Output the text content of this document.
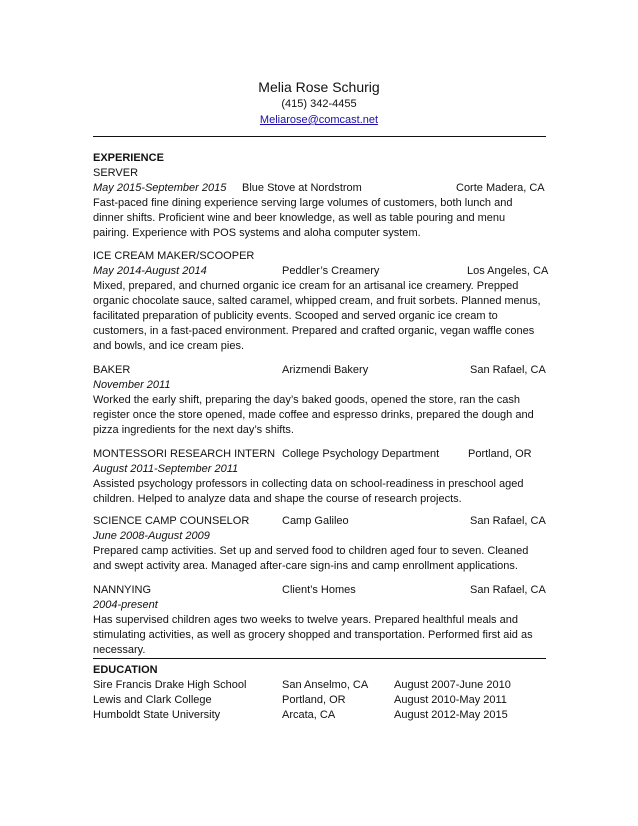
Melia Rose Schurig
(415) 342-4455
Meliarose@comcast.net
EXPERIENCE
SERVER
May 2015-September 2015 Blue Stove at Nordstrom	Corte Madera, CA
Fast-paced fine dining experience serving large volumes of customers, both lunch and
dinner shifts. Proficient wine and beer knowledge, as well as table pouring and menu
pairing. Experience with POS systems and aloha computer system.
ICE CREAM MAKER/SCOOPER
May 2014-August 2014	Peddler’s Creamery	Los Angeles, CA
Mixed, prepared, and churned organic ice cream for an artisanal ice creamery. Prepped
organic chocolate sauce, salted caramel, whipped cream, and fruit sorbets. Planned menus,
facilitated preparation of publicity events. Scooped and served organic ice cream to
customers, in a fast-paced environment. Prepared and crafted organic, vegan waffle cones
and bowls, and ice cream pies.
BAKER	Arizmendi Bakery	San Rafael, CA
November 2011
Worked the early shift, preparing the day’s baked goods, opened the store, ran the cash
register once the store opened, made coffee and espresso drinks, prepared the dough and
pizza ingredients for the next day’s shifts.
MONTESSORI RESEARCH INTERN College Psychology Department	Portland, OR
August 2011-September 2011
Assisted psychology professors in collecting data on school-readiness in preschool aged
children. Helped to analyze data and shape the course of research projects.
SCIENCE CAMP COUNSELOR	Camp Galileo	San Rafael, CA
June 2008-August 2009
Prepared camp activities. Set up and served food to children aged four to seven. Cleaned
and swept activity area. Managed after-care sign-ins and camp enrollment applications.
NANNYING	Client’s Homes	San Rafael, CA
2004-present
Has supervised children ages two weeks to twelve years. Prepared healthful meals and
stimulating activities, as well as grocery shopped and transportation. Performed first aid as
necessary.
EDUCATION
Sire Francis Drake High School	San Anselmo, CA August 2007-June 2010
Lewis and Clark College	Portland, OR	August 2010-May 2011
Humboldt State University	Arcata, CA	August 2012-May 2015
